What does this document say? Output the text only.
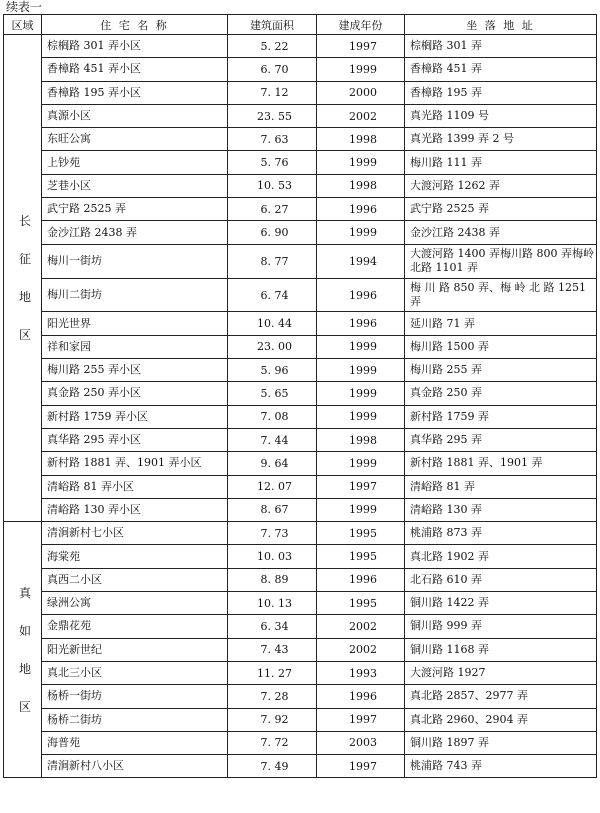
续表一
区域	住 宅 名 称	建筑面积	建成年份	坐 落 地 址

长
征
地
区	棕榈路 301 弄小区	5. 22	1997	棕榈路 301 弄
	香樟路 451 弄小区	6. 70	1999	香樟路 451 弄
	香樟路 195 弄小区	7. 12	2000	香樟路 195 弄
	真源小区	23. 55	2002	真光路 1109 号
	东旺公寓	7. 63	1998	真光路 1399 弄 2 号
	上钞苑	5. 76	1999	梅川路 111 弄
	芝巷小区	10. 53	1998	大渡河路 1262 弄
	武宁路 2525 弄	6. 27	1996	武宁路 2525 弄
	金沙江路 2438 弄	6. 90	1999	金沙江路 2438 弄
	梅川一街坊	8. 77	1994	大渡河路 1400 弄梅川路 800 弄梅岭北路 1101 弄
	梅川二街坊	6. 74	1996	梅 川 路 850 弄、梅 岭 北 路 1251 弄
	阳光世界	10. 44	1996	延川路 71 弄
	祥和家园	23. 00	1999	梅川路 1500 弄
	梅川路 255 弄小区	5. 96	1999	梅川路 255 弄
	真金路 250 弄小区	5. 65	1999	真金路 250 弄
	新村路 1759 弄小区	7. 08	1999	新村路 1759 弄
	真华路 295 弄小区	7. 44	1998	真华路 295 弄
	新村路 1881 弄、1901 弄小区	9. 64	1999	新村路 1881 弄、1901 弄
	清峪路 81 弄小区	12. 07	1997	清峪路 81 弄
	清峪路 130 弄小区	8. 67	1999	清峪路 130 弄

真
如
地
区	清涧新村七小区	7. 73	1995	桃浦路 873 弄
	海棠苑	10. 03	1995	真北路 1902 弄
	真西二小区	8. 89	1996	北石路 610 弄
	绿洲公寓	10. 13	1995	铜川路 1422 弄
	金鼎花苑	6. 34	2002	铜川路 999 弄
	阳光新世纪	7. 43	2002	铜川路 1168 弄
	真北三小区	11. 27	1993	大渡河路 1927
	杨桥一街坊	7. 28	1996	真北路 2857、2977 弄
	杨桥二街坊	7. 92	1997	真北路 2960、2904 弄
	海普苑	7. 72	2003	铜川路 1897 弄
	清涧新村八小区	7. 49	1997	桃浦路 743 弄
